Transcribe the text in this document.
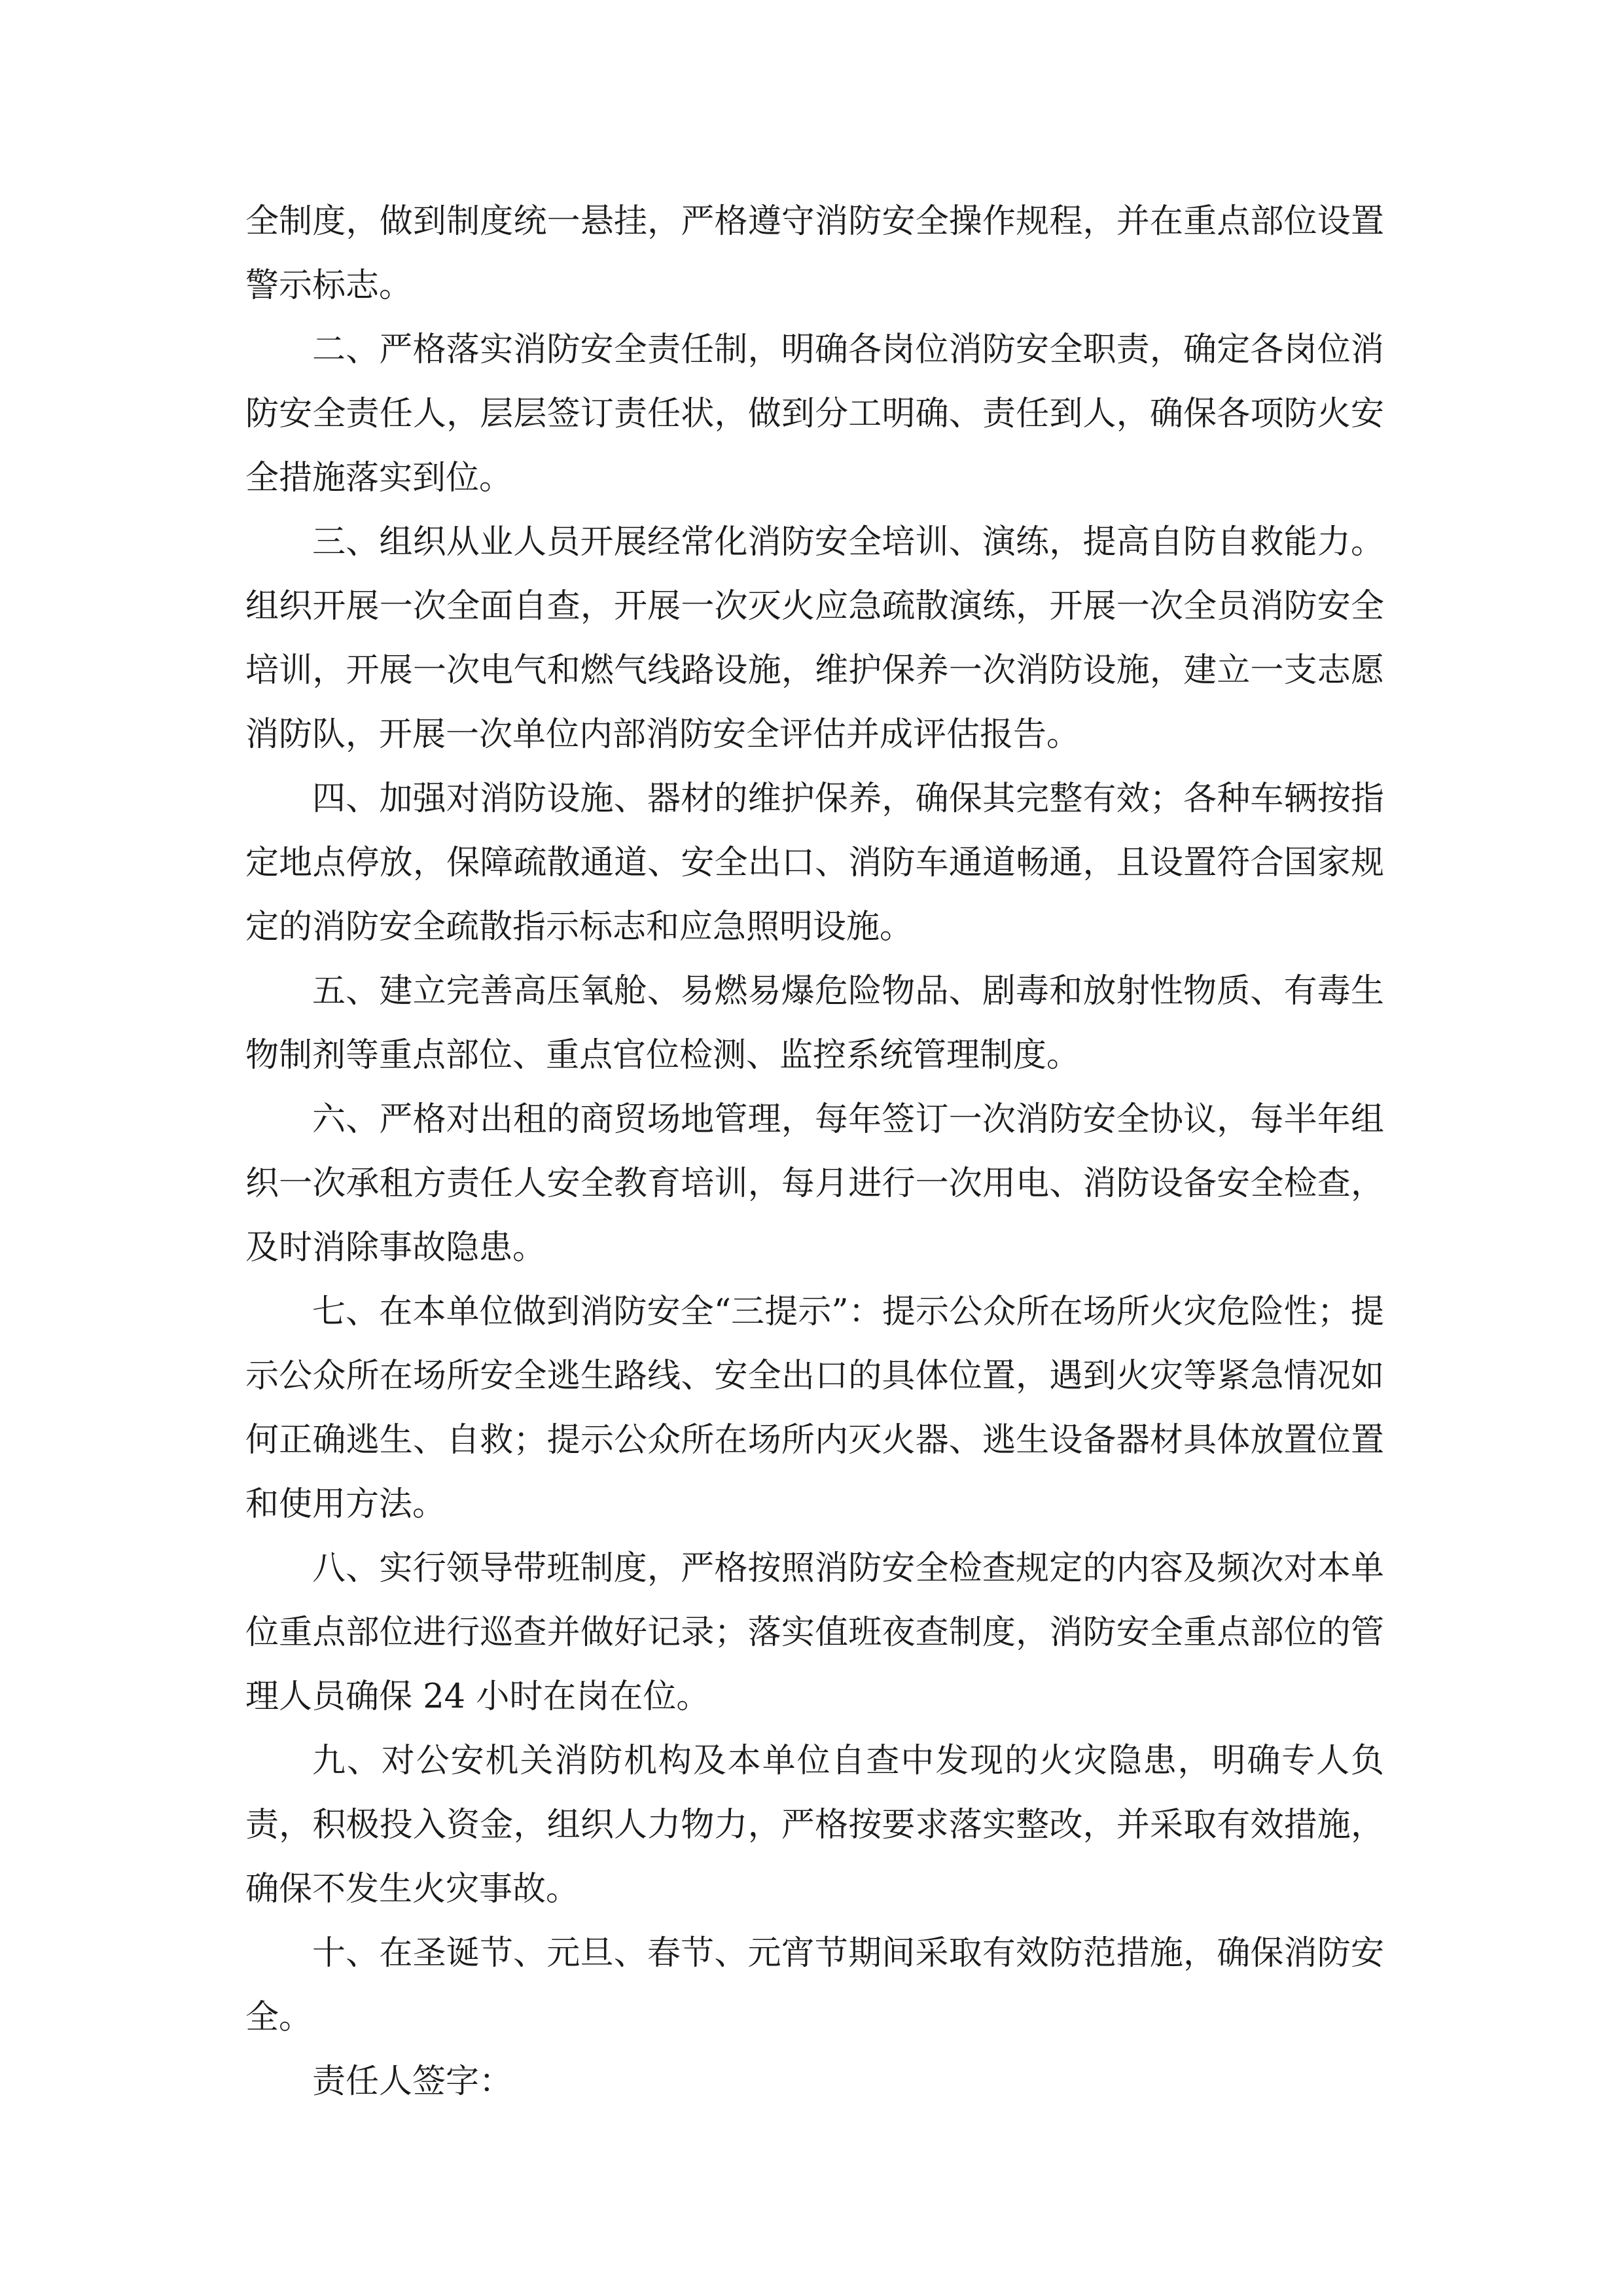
全制度，做到制度统一悬挂，严格遵守消防安全操作规程，并在重点部位设置警示标志。

二、严格落实消防安全责任制，明确各岗位消防安全职责，确定各岗位消防安全责任人，层层签订责任状，做到分工明确、责任到人，确保各项防火安全措施落实到位。

三、组织从业人员开展经常化消防安全培训、演练，提高自防自救能力。组织开展一次全面自查，开展一次灭火应急疏散演练，开展一次全员消防安全培训，开展一次电气和燃气线路设施，维护保养一次消防设施，建立一支志愿消防队，开展一次单位内部消防安全评估并成评估报告。

四、加强对消防设施、器材的维护保养，确保其完整有效；各种车辆按指定地点停放，保障疏散通道、安全出口、消防车通道畅通，且设置符合国家规定的消防安全疏散指示标志和应急照明设施。

五、建立完善高压氧舱、易燃易爆危险物品、剧毒和放射性物质、有毒生物制剂等重点部位、重点官位检测、监控系统管理制度。

六、严格对出租的商贸场地管理，每年签订一次消防安全协议，每半年组织一次承租方责任人安全教育培训，每月进行一次用电、消防设备安全检查，及时消除事故隐患。

七、在本单位做到消防安全“三提示”：提示公众所在场所火灾危险性；提示公众所在场所安全逃生路线、安全出口的具体位置，遇到火灾等紧急情况如何正确逃生、自救；提示公众所在场所内灭火器、逃生设备器材具体放置位置和使用方法。

八、实行领导带班制度，严格按照消防安全检查规定的内容及频次对本单位重点部位进行巡查并做好记录；落实值班夜查制度，消防安全重点部位的管理人员确保 24 小时在岗在位。

九、对公安机关消防机构及本单位自查中发现的火灾隐患，明确专人负责，积极投入资金，组织人力物力，严格按要求落实整改，并采取有效措施，确保不发生火灾事故。

十、在圣诞节、元旦、春节、元宵节期间采取有效防范措施，确保消防安全。

责任人签字：
